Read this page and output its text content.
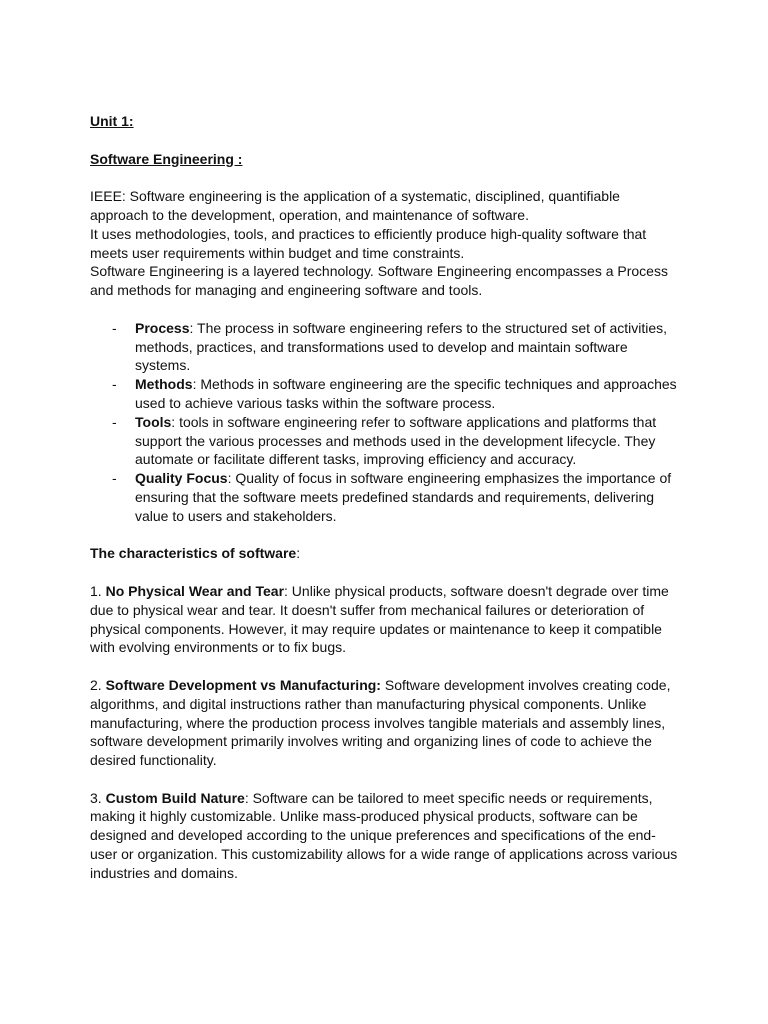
Unit 1:

Software Engineering :

IEEE: Software engineering is the application of a systematic, disciplined, quantifiable approach to the development, operation, and maintenance of software.

It uses methodologies, tools, and practices to efficiently produce high-quality software that meets user requirements within budget and time constraints.

Software Engineering is a layered technology. Software Engineering encompasses a Process and methods for managing and engineering software and tools.

- Process: The process in software engineering refers to the structured set of activities, methods, practices, and transformations used to develop and maintain software systems.
- Methods: Methods in software engineering are the specific techniques and approaches used to achieve various tasks within the software process.
- Tools: tools in software engineering refer to software applications and platforms that support the various processes and methods used in the development lifecycle. They automate or facilitate different tasks, improving efficiency and accuracy.
- Quality Focus: Quality of focus in software engineering emphasizes the importance of ensuring that the software meets predefined standards and requirements, delivering value to users and stakeholders.

The characteristics of software:

1. No Physical Wear and Tear: Unlike physical products, software doesn't degrade over time due to physical wear and tear. It doesn't suffer from mechanical failures or deterioration of physical components. However, it may require updates or maintenance to keep it compatible with evolving environments or to fix bugs.

2. Software Development vs Manufacturing: Software development involves creating code, algorithms, and digital instructions rather than manufacturing physical components. Unlike manufacturing, where the production process involves tangible materials and assembly lines, software development primarily involves writing and organizing lines of code to achieve the desired functionality.

3. Custom Build Nature: Software can be tailored to meet specific needs or requirements, making it highly customizable. Unlike mass-produced physical products, software can be designed and developed according to the unique preferences and specifications of the end-user or organization. This customizability allows for a wide range of applications across various industries and domains.
